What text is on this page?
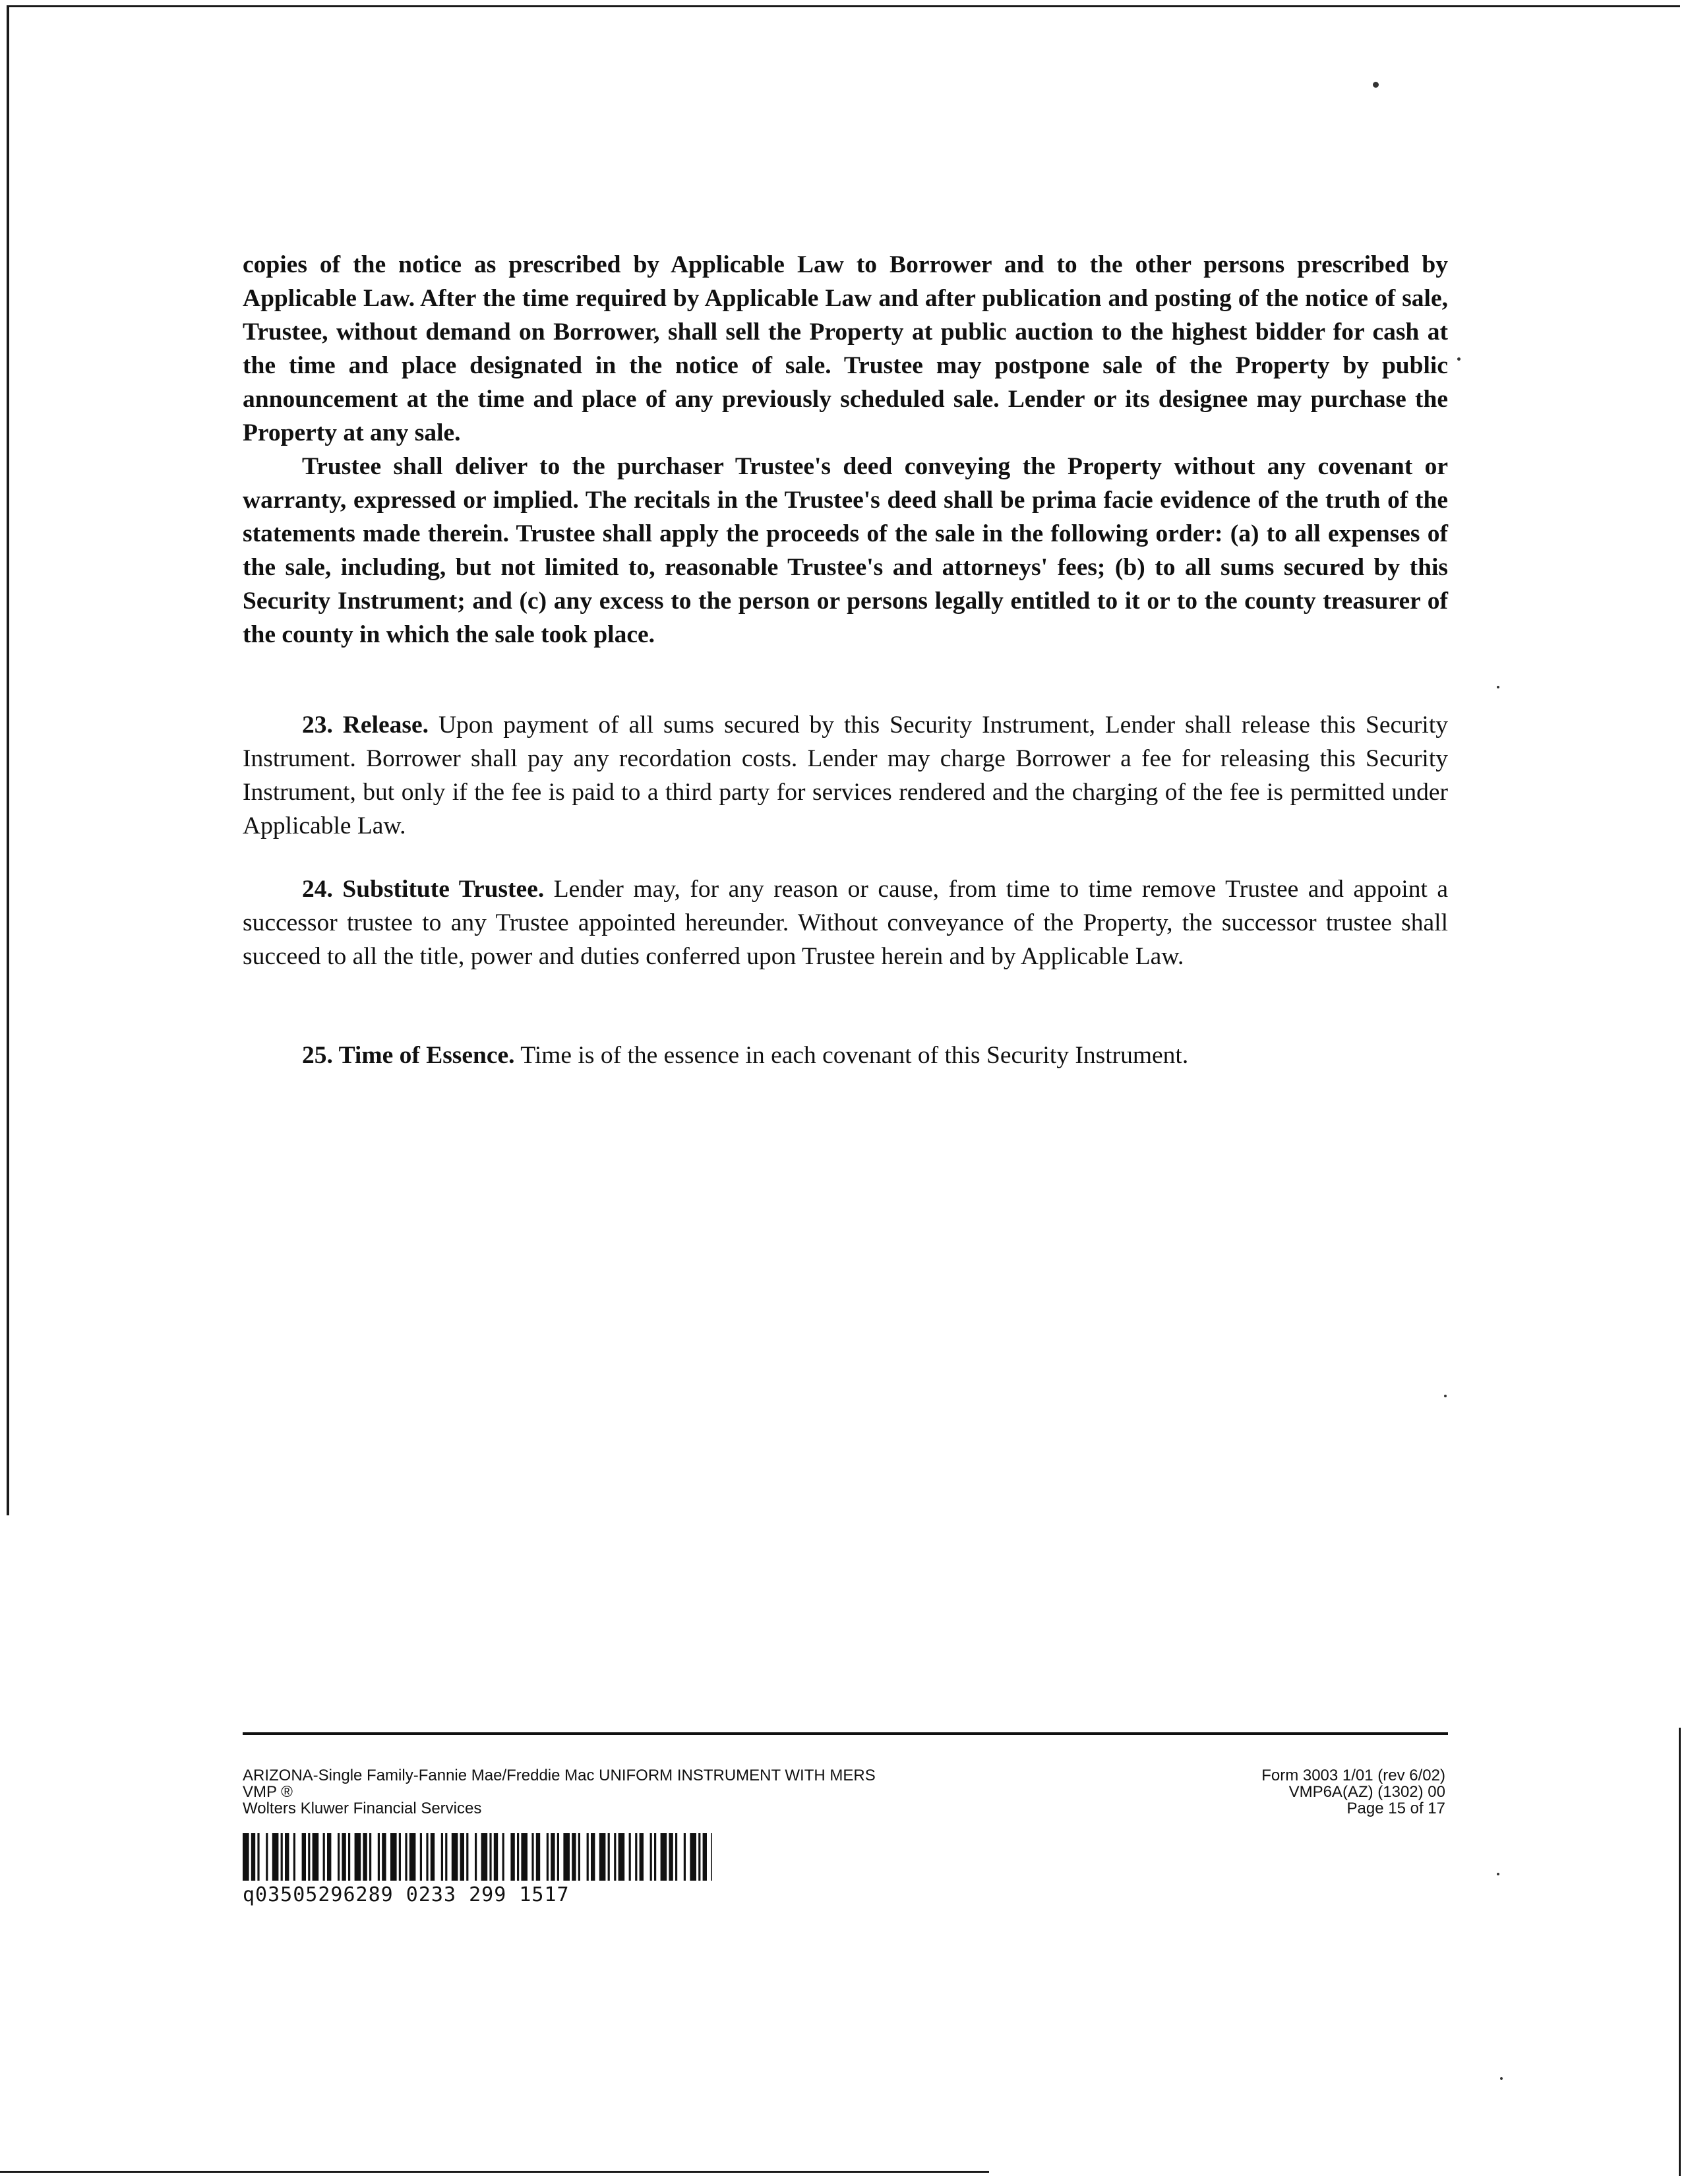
copies of the notice as prescribed by Applicable Law to Borrower and to the other persons prescribed by Applicable Law. After the time required by Applicable Law and after publication and posting of the notice of sale, Trustee, without demand on Borrower, shall sell the Property at public auction to the highest bidder for cash at the time and place designated in the notice of sale. Trustee may postpone sale of the Property by public announcement at the time and place of any previously scheduled sale. Lender or its designee may purchase the Property at any sale.

Trustee shall deliver to the purchaser Trustee's deed conveying the Property without any covenant or warranty, expressed or implied. The recitals in the Trustee's deed shall be prima facie evidence of the truth of the statements made therein. Trustee shall apply the proceeds of the sale in the following order: (a) to all expenses of the sale, including, but not limited to, reasonable Trustee's and attorneys' fees; (b) to all sums secured by this Security Instrument; and (c) any excess to the person or persons legally entitled to it or to the county treasurer of the county in which the sale took place.

23. Release. Upon payment of all sums secured by this Security Instrument, Lender shall release this Security Instrument. Borrower shall pay any recordation costs. Lender may charge Borrower a fee for releasing this Security Instrument, but only if the fee is paid to a third party for services rendered and the charging of the fee is permitted under Applicable Law.

24. Substitute Trustee. Lender may, for any reason or cause, from time to time remove Trustee and appoint a successor trustee to any Trustee appointed hereunder. Without conveyance of the Property, the successor trustee shall succeed to all the title, power and duties conferred upon Trustee herein and by Applicable Law.

25. Time of Essence. Time is of the essence in each covenant of this Security Instrument.

ARIZONA-Single Family-Fannie Mae/Freddie Mac UNIFORM INSTRUMENT WITH MERS
VMP ®
Wolters Kluwer Financial Services
Form 3003 1/01 (rev 6/02)
VMP6A(AZ) (1302) 00
Page 15 of 17
q03505296289 0233 299 1517
